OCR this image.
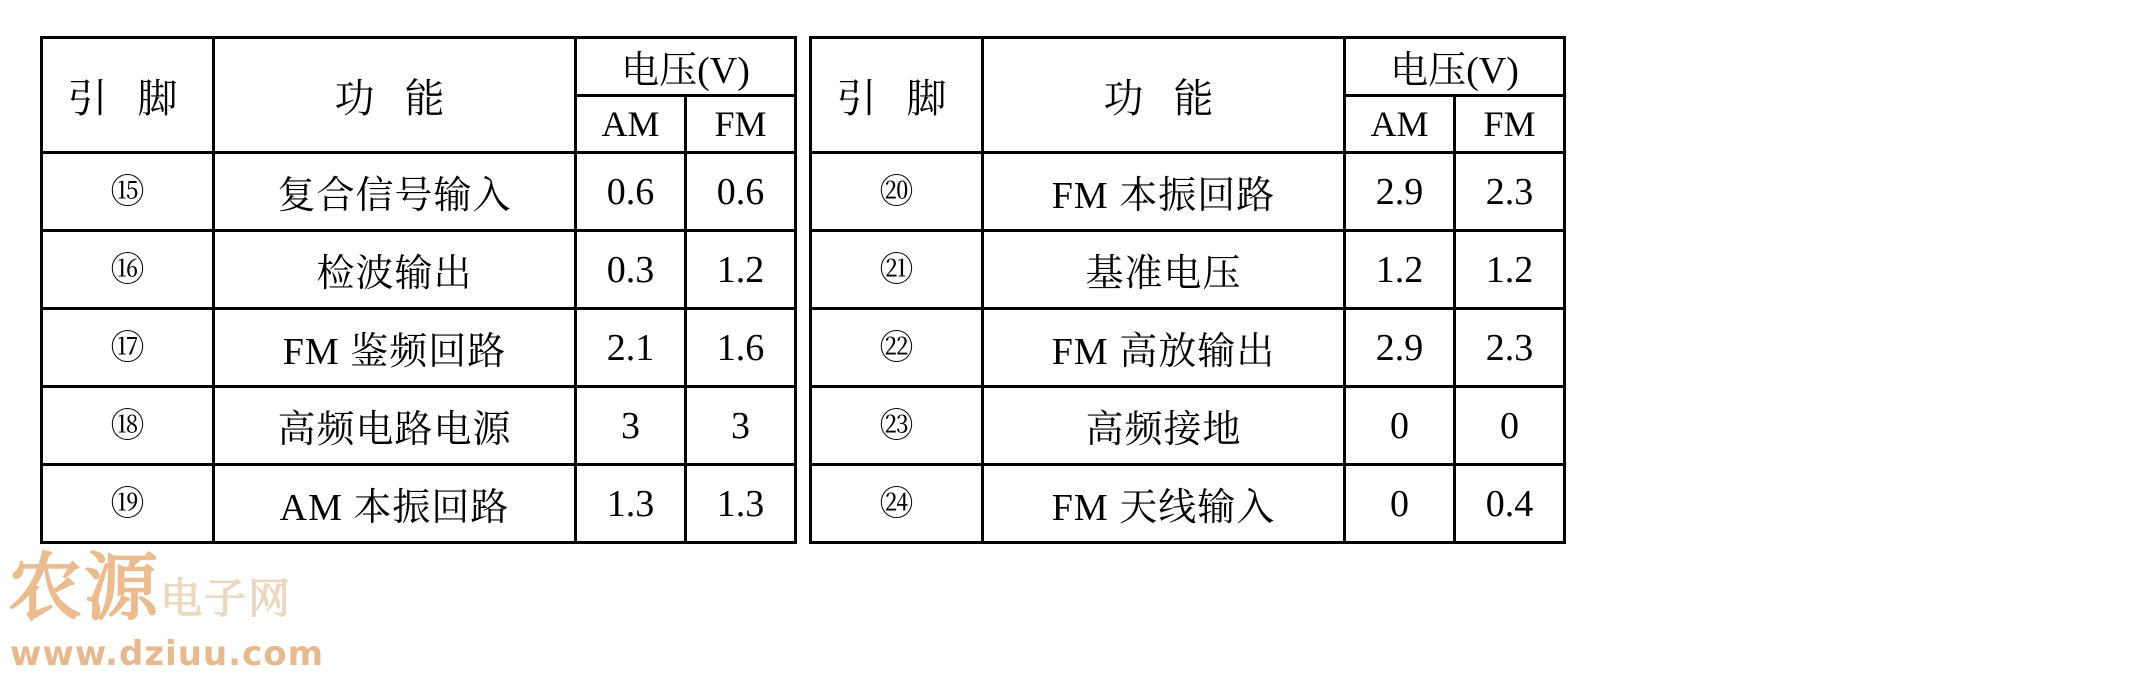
农源电子网
www.dziuu.com
引 脚	功 能	电压(V)	
		AM	FM
⑮	复合信号输入	0.6	0.6
⑯	检波输出	0.3	1.2
⑰	FM 鉴频回路	2.1	1.6
⑱	高频电路电源	3	3
⑲	AM 本振回路	1.3	1.3
引 脚	功 能	电压(V)	
		AM	FM
⑳	FM 本振回路	2.9	2.3
㉑	基准电压	1.2	1.2
㉒	FM 高放输出	2.9	2.3
㉓	高频接地	0	0
㉔	FM 天线输入	0	0.4
